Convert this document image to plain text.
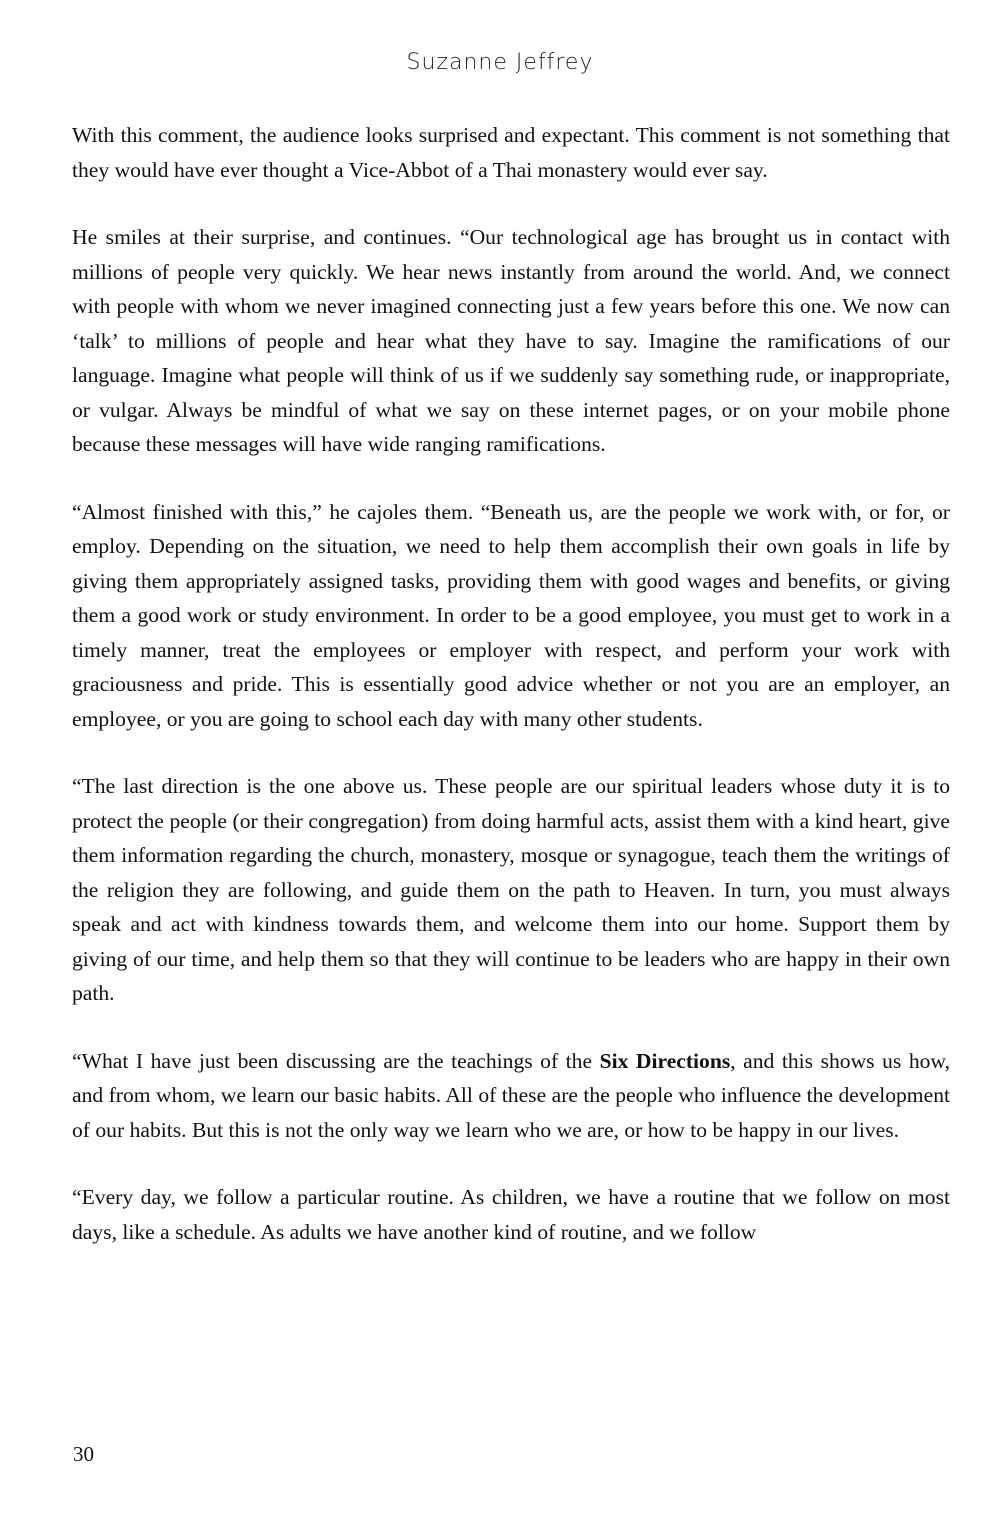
Suzanne Jeffrey

With this comment, the audience looks surprised and expectant. This comment is not something that they would have ever thought a Vice-Abbot of a Thai monastery would ever say.

He smiles at their surprise, and continues. “Our technological age has brought us in contact with millions of people very quickly. We hear news instantly from around the world. And, we connect with people with whom we never imagined connecting just a few years before this one. We now can ‘talk’ to millions of people and hear what they have to say. Imagine the ramifications of our language. Imagine what people will think of us if we suddenly say something rude, or inappropriate, or vulgar. Always be mindful of what we say on these internet pages, or on your mobile phone because these messages will have wide ranging ramifications.

“Almost finished with this,” he cajoles them. “Beneath us, are the people we work with, or for, or employ. Depending on the situation, we need to help them accomplish their own goals in life by giving them appropriately assigned tasks, providing them with good wages and benefits, or giving them a good work or study environment. In order to be a good employee, you must get to work in a timely manner, treat the employees or employer with respect, and perform your work with graciousness and pride. This is essentially good advice whether or not you are an employer, an employee, or you are going to school each day with many other students.

“The last direction is the one above us. These people are our spiritual leaders whose duty it is to protect the people (or their congregation) from doing harmful acts, assist them with a kind heart, give them information regarding the church, monastery, mosque or synagogue, teach them the writings of the religion they are following, and guide them on the path to Heaven. In turn, you must always speak and act with kindness towards them, and welcome them into our home. Support them by giving of our time, and help them so that they will continue to be leaders who are happy in their own path.

“What I have just been discussing are the teachings of the Six Directions, and this shows us how, and from whom, we learn our basic habits. All of these are the people who influence the development of our habits. But this is not the only way we learn who we are, or how to be happy in our lives.

“Every day, we follow a particular routine. As children, we have a routine that we follow on most days, like a schedule. As adults we have another kind of routine, and we follow

30
